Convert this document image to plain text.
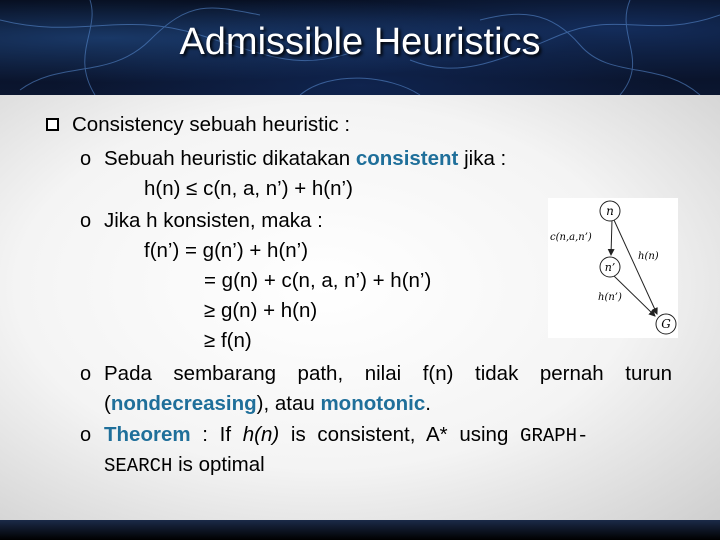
Admissible Heuristics
Consistency sebuah heuristic :
o Sebuah heuristic dikatakan consistent jika :
h(n) ≤ c(n, a, n’) + h(n’)
o Jika h konsisten, maka :
f(n’) = g(n’) + h(n’)
= g(n) + c(n, a, n’) + h(n’)
≥ g(n) + h(n)
≥ f(n)
o Pada sembarang path, nilai f(n) tidak pernah turun
(nondecreasing), atau monotonic.
o Theorem : If h(n) is consistent, A* using GRAPH-
SEARCH is optimal
n
n’
G
c(n,a,n’)
h(n)
h(n’)
